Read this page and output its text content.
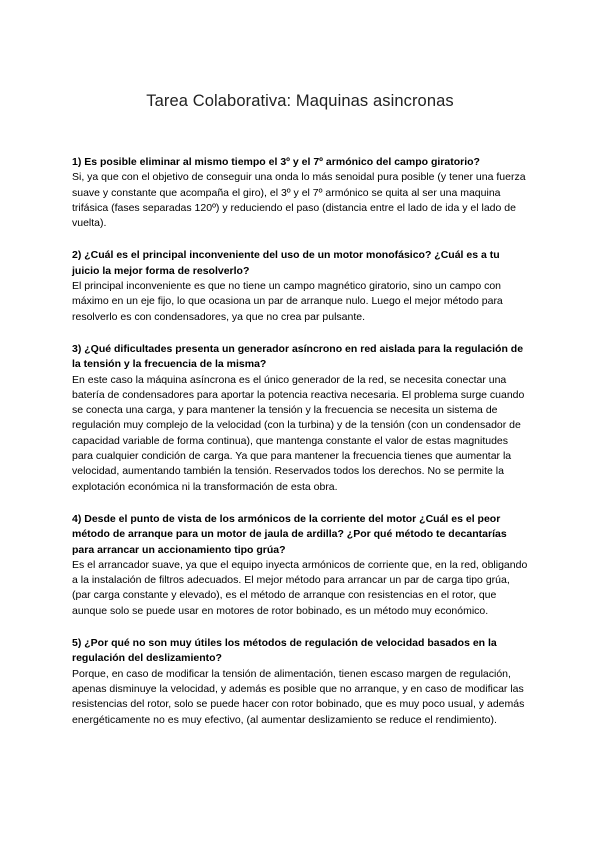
Tarea Colaborativa: Maquinas asincronas

1) Es posible eliminar al mismo tiempo el 3º y el 7º armónico del campo giratorio?

Si, ya que con el objetivo de conseguir una onda lo más senoidal pura posible (y tener una fuerza suave y constante que acompaña el giro), el 3º y el 7º armónico se quita al ser una maquina trifásica (fases separadas 120º) y reduciendo el paso (distancia entre el lado de ida y el lado de vuelta).

2) ¿Cuál es el principal inconveniente del uso de un motor monofásico? ¿Cuál es a tu juicio la mejor forma de resolverlo?

El principal inconveniente es que no tiene un campo magnético giratorio, sino un campo con máximo en un eje fijo, lo que ocasiona un par de arranque nulo. Luego el mejor método para resolverlo es con condensadores, ya que no crea par pulsante.

3) ¿Qué dificultades presenta un generador asíncrono en red aislada para la regulación de la tensión y la frecuencia de la misma?

En este caso la máquina asíncrona es el único generador de la red, se necesita conectar una batería de condensadores para aportar la potencia reactiva necesaria. El problema surge cuando se conecta una carga, y para mantener la tensión y la frecuencia se necesita un sistema de regulación muy complejo de la velocidad (con la turbina) y de la tensión (con un condensador de capacidad variable de forma continua), que mantenga constante el valor de estas magnitudes para cualquier condición de carga. Ya que para mantener la frecuencia tienes que aumentar la velocidad, aumentando también la tensión. Reservados todos los derechos. No se permite la explotación económica ni la transformación de esta obra.

4) Desde el punto de vista de los armónicos de la corriente del motor ¿Cuál es el peor método de arranque para un motor de jaula de ardilla? ¿Por qué método te decantarías para arrancar un accionamiento tipo grúa?

Es el arrancador suave, ya que el equipo inyecta armónicos de corriente que, en la red, obligando a la instalación de filtros adecuados. El mejor método para arrancar un par de carga tipo grúa, (par carga constante y elevado), es el método de arranque con resistencias en el rotor, que aunque solo se puede usar en motores de rotor bobinado, es un método muy económico.

5) ¿Por qué no son muy útiles los métodos de regulación de velocidad basados en la regulación del deslizamiento?

Porque, en caso de modificar la tensión de alimentación, tienen escaso margen de regulación, apenas disminuye la velocidad, y además es posible que no arranque, y en caso de modificar las resistencias del rotor, solo se puede hacer con rotor bobinado, que es muy poco usual, y además energéticamente no es muy efectivo, (al aumentar deslizamiento se reduce el rendimiento).
